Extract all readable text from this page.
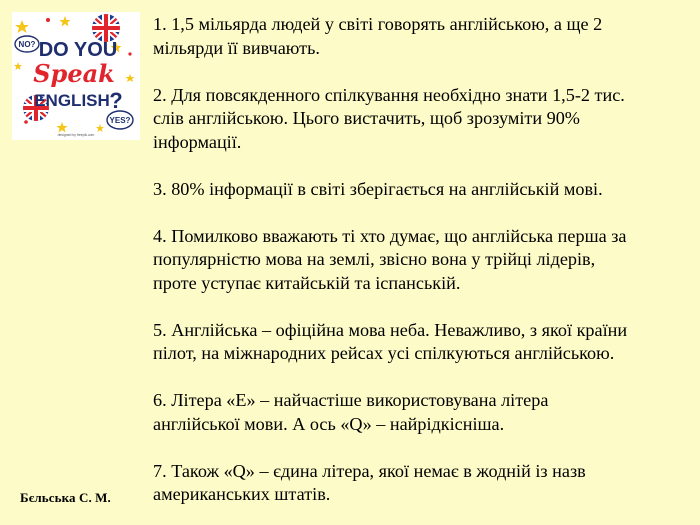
NO?
YES?
DO YOU
Speak
ENGLISH ?
designed by freepik.com

1. 1,5 мільярда людей у світі говорять англійською, а ще 2
мільярди її вивчають.

2. Для повсякденного спілкування необхідно знати 1,5-2 тис.
слів англійською. Цього вистачить, щоб зрозуміти 90%
інформації.

3. 80% інформації в світі зберігається на англійській мові.

4. Помилково вважають ті хто думає, що англійська перша за
популярністю мова на землі, звісно вона у трійці лідерів,
проте уступає китайській та іспанській.

5. Англійська – офіційна мова неба. Неважливо, з якої країни
пілот, на міжнародних рейсах усі спілкуються англійською.

6. Літера «E» – найчастіше використовувана літера
англійської мови. А ось «Q» – найрідкісніша.

7. Також «Q» – єдина літера, якої немає в жодній із назв
американських штатів.

Бєльська С. М.
